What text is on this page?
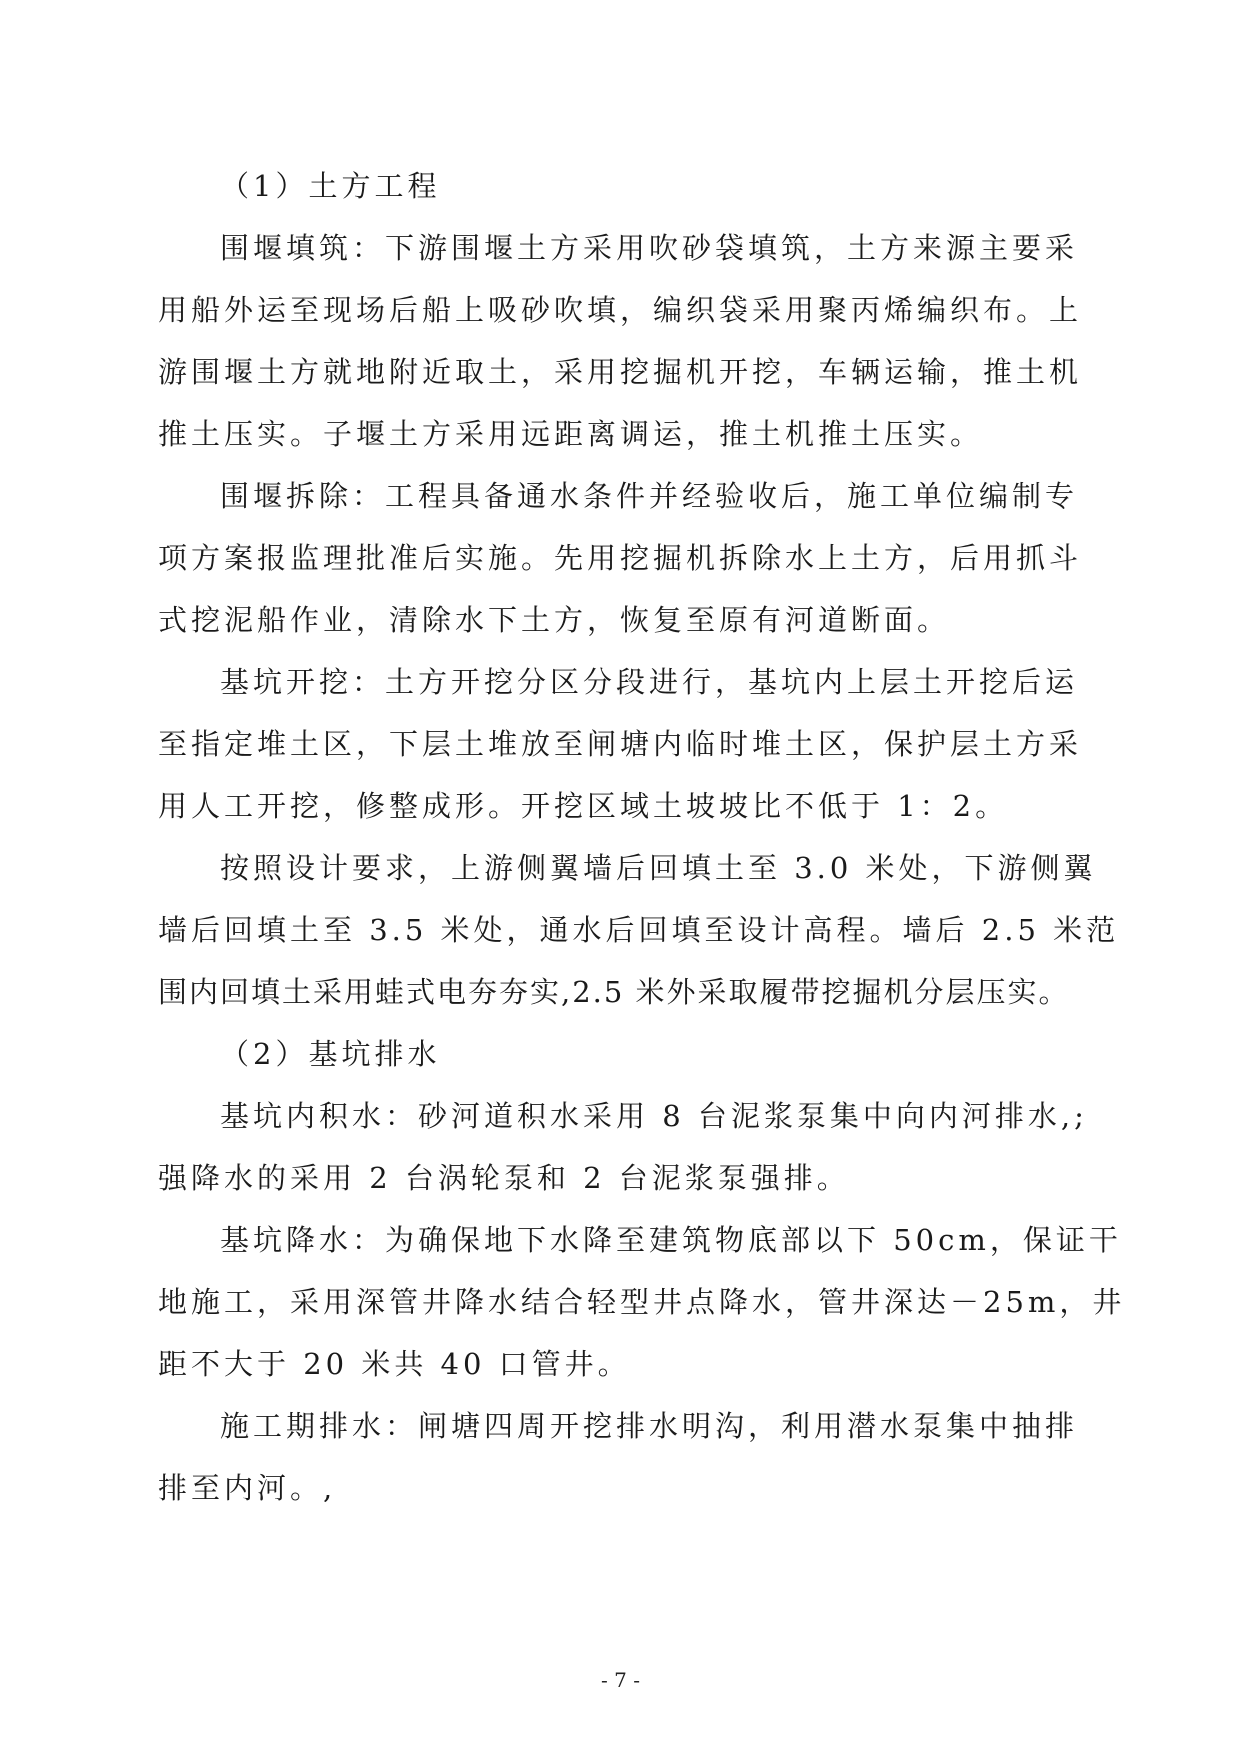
（1）土方工程
围堰填筑：下游围堰土方采用吹砂袋填筑，土方来源主要采
用船外运至现场后船上吸砂吹填，编织袋采用聚丙烯编织布。上
游围堰土方就地附近取土，采用挖掘机开挖，车辆运输，推土机
推土压实。子堰土方采用远距离调运，推土机推土压实。
围堰拆除：工程具备通水条件并经验收后，施工单位编制专
项方案报监理批准后实施。先用挖掘机拆除水上土方，后用抓斗
式挖泥船作业，清除水下土方，恢复至原有河道断面。
基坑开挖：土方开挖分区分段进行，基坑内上层土开挖后运
至指定堆土区，下层土堆放至闸塘内临时堆土区，保护层土方采
用人工开挖，修整成形。开挖区域土坡坡比不低于 1：2。
按照设计要求，上游侧翼墙后回填土至 3.0 米处，下游侧翼
墙后回填土至 3.5 米处，通水后回填至设计高程。墙后 2.5 米范
围内回填土采用蛙式电夯夯实,2.5 米外采取履带挖掘机分层压实。
（2）基坑排水
基坑内积水：砂河道积水采用 8 台泥浆泵集中向内河排水,;
强降水的采用 2 台涡轮泵和 2 台泥浆泵强排。
基坑降水：为确保地下水降至建筑物底部以下 50cm，保证干
地施工，采用深管井降水结合轻型井点降水，管井深达－25m，井
距不大于 20 米共 40 口管井。
施工期排水：闸塘四周开挖排水明沟，利用潜水泵集中抽排
排至内河。,
- 7 -
